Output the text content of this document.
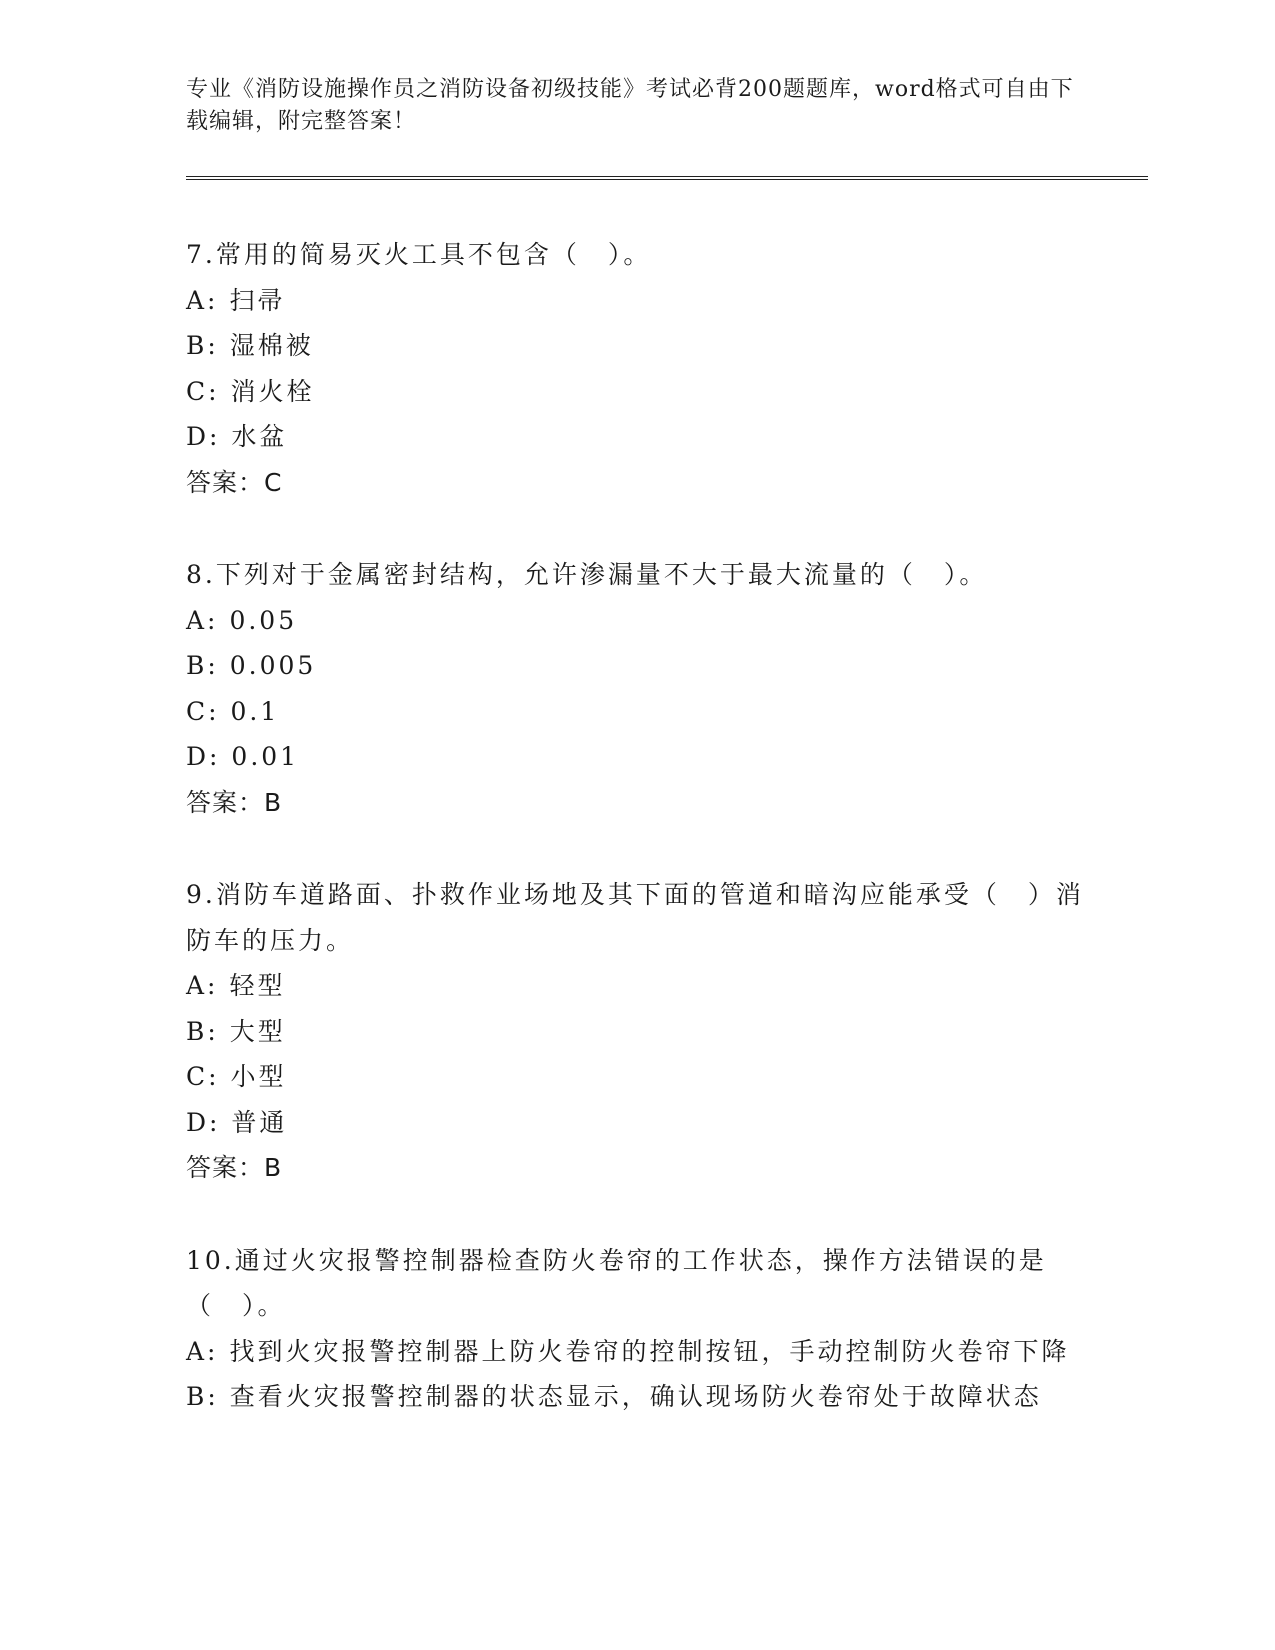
专业《消防设施操作员之消防设备初级技能》考试必背200题题库，word格式可自由下载编辑，附完整答案！
7.常用的简易灭火工具不包含（　）。
A: 扫帚
B: 湿棉被
C: 消火栓
D: 水盆
答案：C
8.下列对于金属密封结构，允许渗漏量不大于最大流量的（　）。
A: 0.05
B: 0.005
C: 0.1
D: 0.01
答案：B
9.消防车道路面、扑救作业场地及其下面的管道和暗沟应能承受（　）消防车的压力。
A: 轻型
B: 大型
C: 小型
D: 普通
答案：B
10.通过火灾报警控制器检查防火卷帘的工作状态，操作方法错误的是（　）。
A: 找到火灾报警控制器上防火卷帘的控制按钮，手动控制防火卷帘下降
B: 查看火灾报警控制器的状态显示，确认现场防火卷帘处于故障状态
